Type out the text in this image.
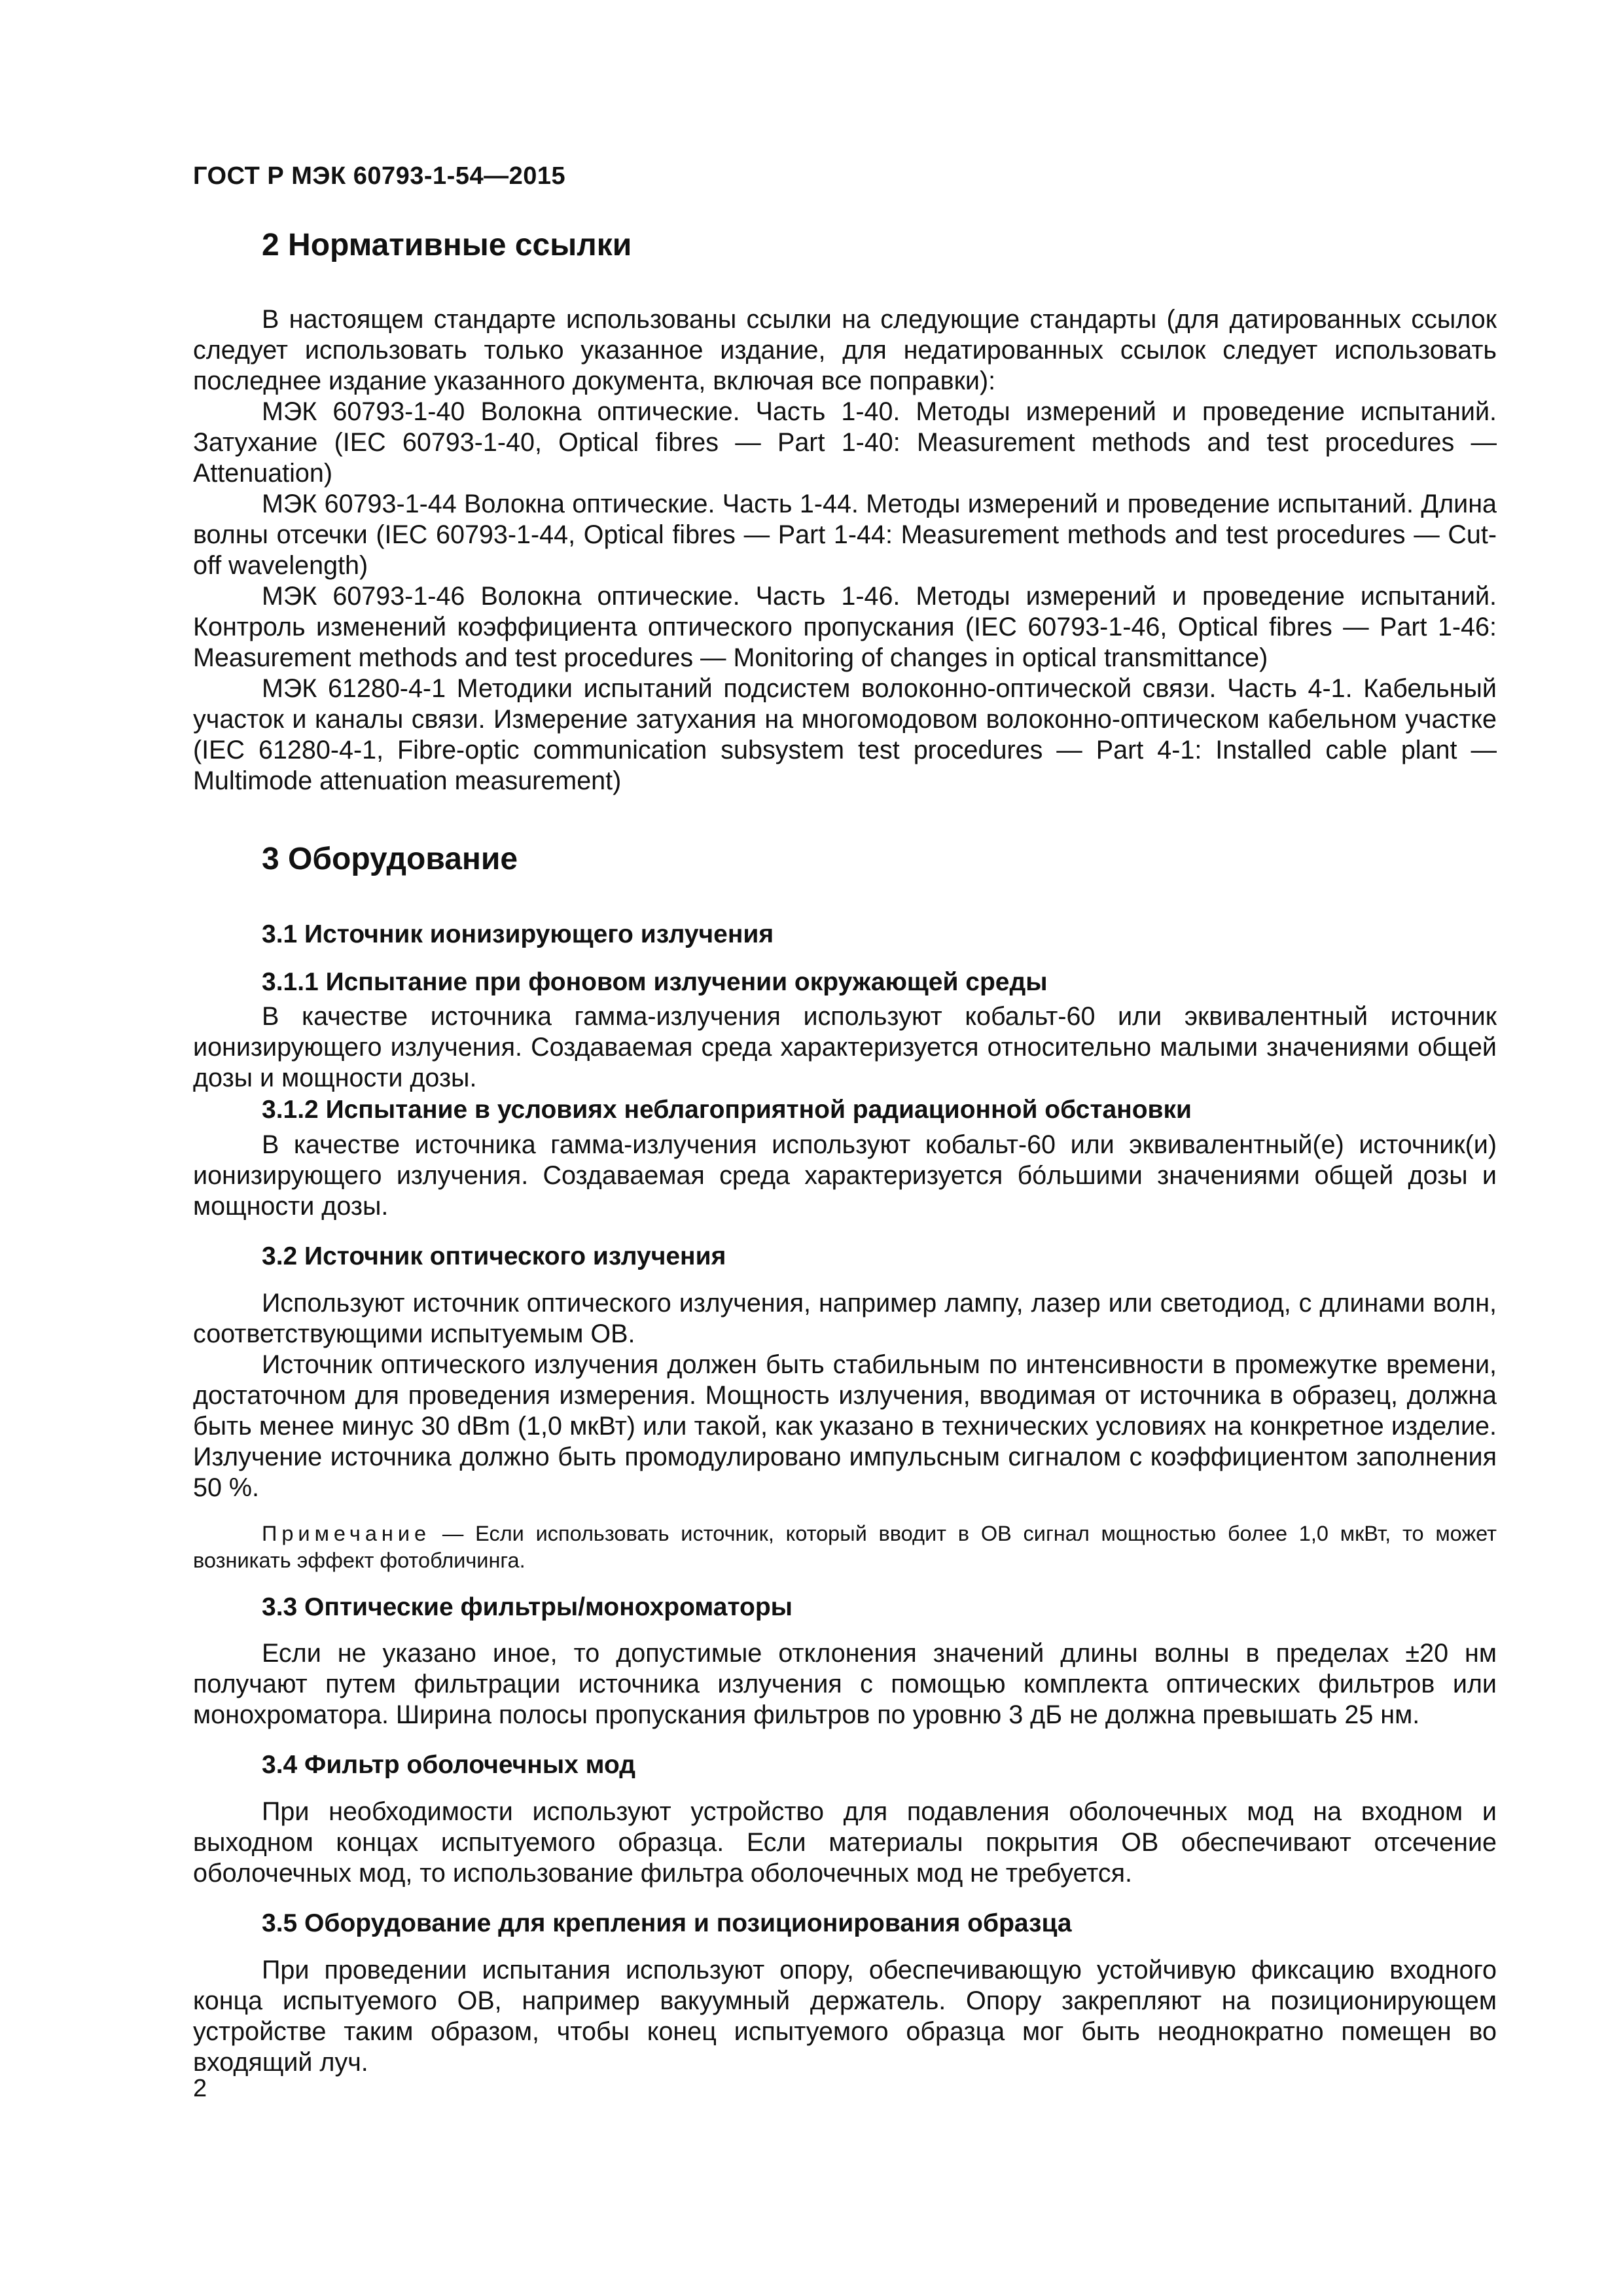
ГОСТ Р МЭК 60793-1-54—2015
2 Нормативные ссылки

В настоящем стандарте использованы ссылки на следующие стандарты (для датированных ссылок следует использовать только указанное издание, для недатированных ссылок следует использовать последнее издание указанного документа, включая все поправки):

МЭК 60793-1-40 Волокна оптические. Часть 1-40. Методы измерений и проведение испытаний. Затухание (IEC 60793-1-40, Optical fibres — Part 1-40: Measurement methods and test procedures — Attenuation)

МЭК 60793-1-44 Волокна оптические. Часть 1-44. Методы измерений и проведение испытаний. Длина волны отсечки (IEC 60793-1-44, Optical fibres — Part 1-44: Measurement methods and test procedures — Cut-off wavelength)

МЭК 60793-1-46 Волокна оптические. Часть 1-46. Методы измерений и проведение испытаний. Контроль изменений коэффициента оптического пропускания (IEC 60793-1-46, Optical fibres — Part 1-46: Measurement methods and test procedures — Monitoring of changes in optical transmittance)

МЭК 61280-4-1 Методики испытаний подсистем волоконно-оптической связи. Часть 4-1. Кабельный участок и каналы связи. Измерение затухания на многомодовом волоконно-оптическом кабельном участке (IEC 61280-4-1, Fibre-optic communication subsystem test procedures — Part 4-1: Installed cable plant — Multimode attenuation measurement)

3 Оборудование
3.1 Источник ионизирующего излучения
3.1.1 Испытание при фоновом излучении окружающей среды

В качестве источника гамма-излучения используют кобальт-60 или эквивалентный источник ионизирующего излучения. Создаваемая среда характеризуется относительно малыми значениями общей дозы и мощности дозы.

3.1.2 Испытание в условиях неблагоприятной радиационной обстановки

В качестве источника гамма-излучения используют кобальт-60 или эквивалентный(е) источник(и) ионизирующего излучения. Создаваемая среда характеризуется бо́льшими значениями общей дозы и мощности дозы.

3.2 Источник оптического излучения

Используют источник оптического излучения, например лампу, лазер или светодиод, с длинами волн, соответствующими испытуемым ОВ.

Источник оптического излучения должен быть стабильным по интенсивности в промежутке времени, достаточном для проведения измерения. Мощность излучения, вводимая от источника в образец, должна быть менее минус 30 dBm (1,0 мкВт) или такой, как указано в технических условиях на конкретное изделие. Излучение источника должно быть промодулировано импульсным сигналом с коэффициентом заполнения 50 %.

Примечание — Если использовать источник, который вводит в ОВ сигнал мощностью более 1,0 мкВт, то может возникать эффект фотобличинга.
3.3 Оптические фильтры/монохроматоры

Если не указано иное, то допустимые отклонения значений длины волны в пределах ±20 нм получают путем фильтрации источника излучения с помощью комплекта оптических фильтров или монохроматора. Ширина полосы пропускания фильтров по уровню 3 дБ не должна превышать 25 нм.

3.4 Фильтр оболочечных мод

При необходимости используют устройство для подавления оболочечных мод на входном и выходном концах испытуемого образца. Если материалы покрытия ОВ обеспечивают отсечение оболочечных мод, то использование фильтра оболочечных мод не требуется.

3.5 Оборудование для крепления и позиционирования образца

При проведении испытания используют опору, обеспечивающую устойчивую фиксацию входного конца испытуемого ОВ, например вакуумный держатель. Опору закрепляют на позиционирующем устройстве таким образом, чтобы конец испытуемого образца мог быть неоднократно помещен во входящий луч.

2
